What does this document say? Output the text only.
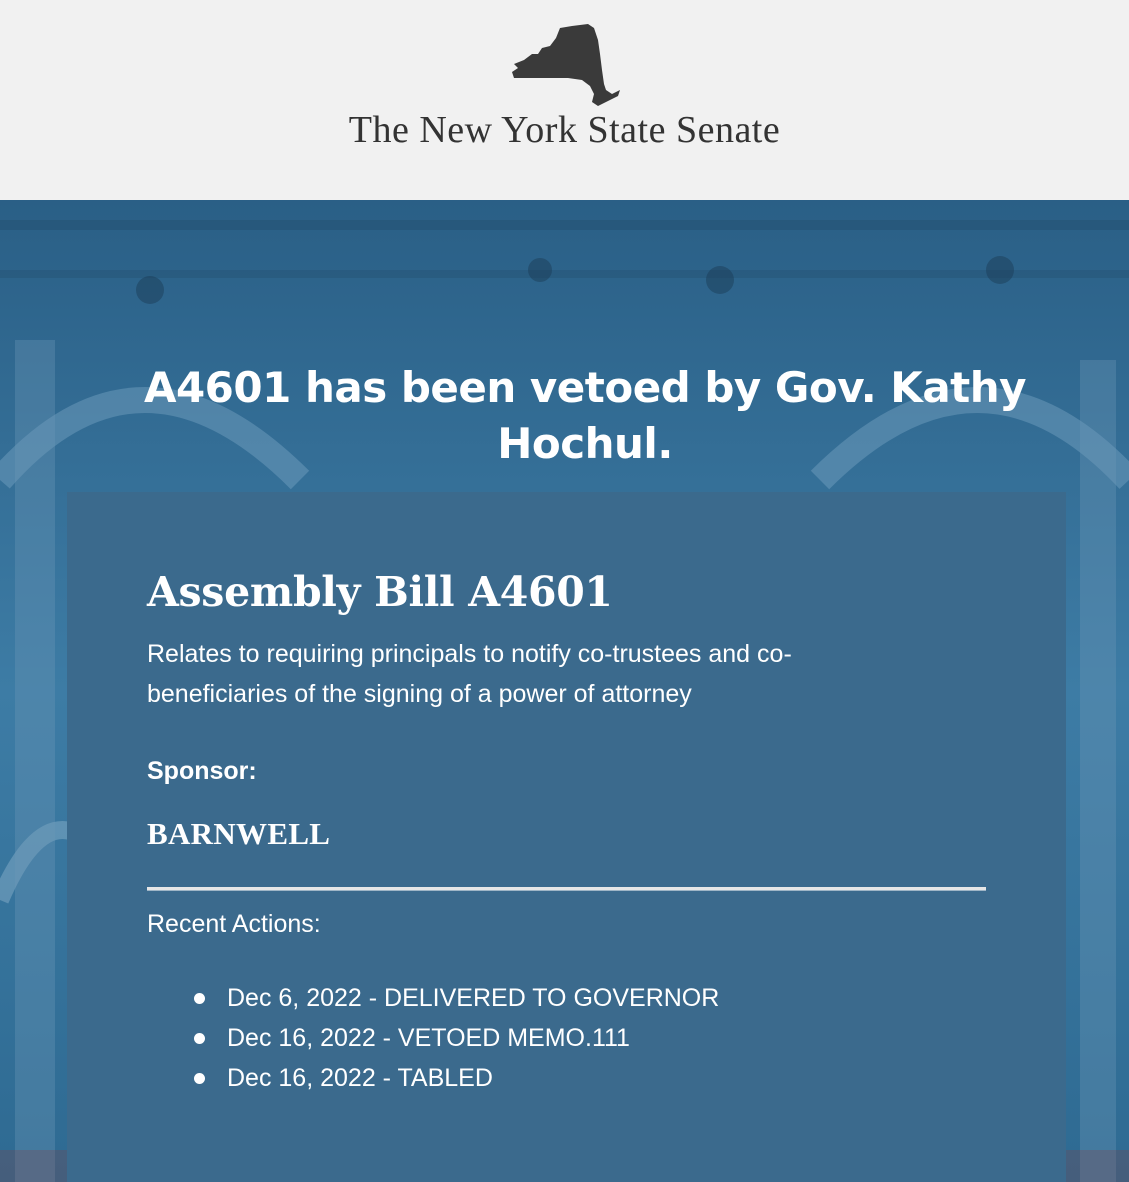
The New York State Senate
A4601 has been vetoed by Gov. Kathy Hochul.
Assembly Bill A4601

Relates to requiring principals to notify co-trustees and co-beneficiaries of the signing of a power of attorney

Sponsor:
BARNWELL
Recent Actions:
Dec 6, 2022 - DELIVERED TO GOVERNOR
Dec 16, 2022 - VETOED MEMO.111
Dec 16, 2022 - TABLED
